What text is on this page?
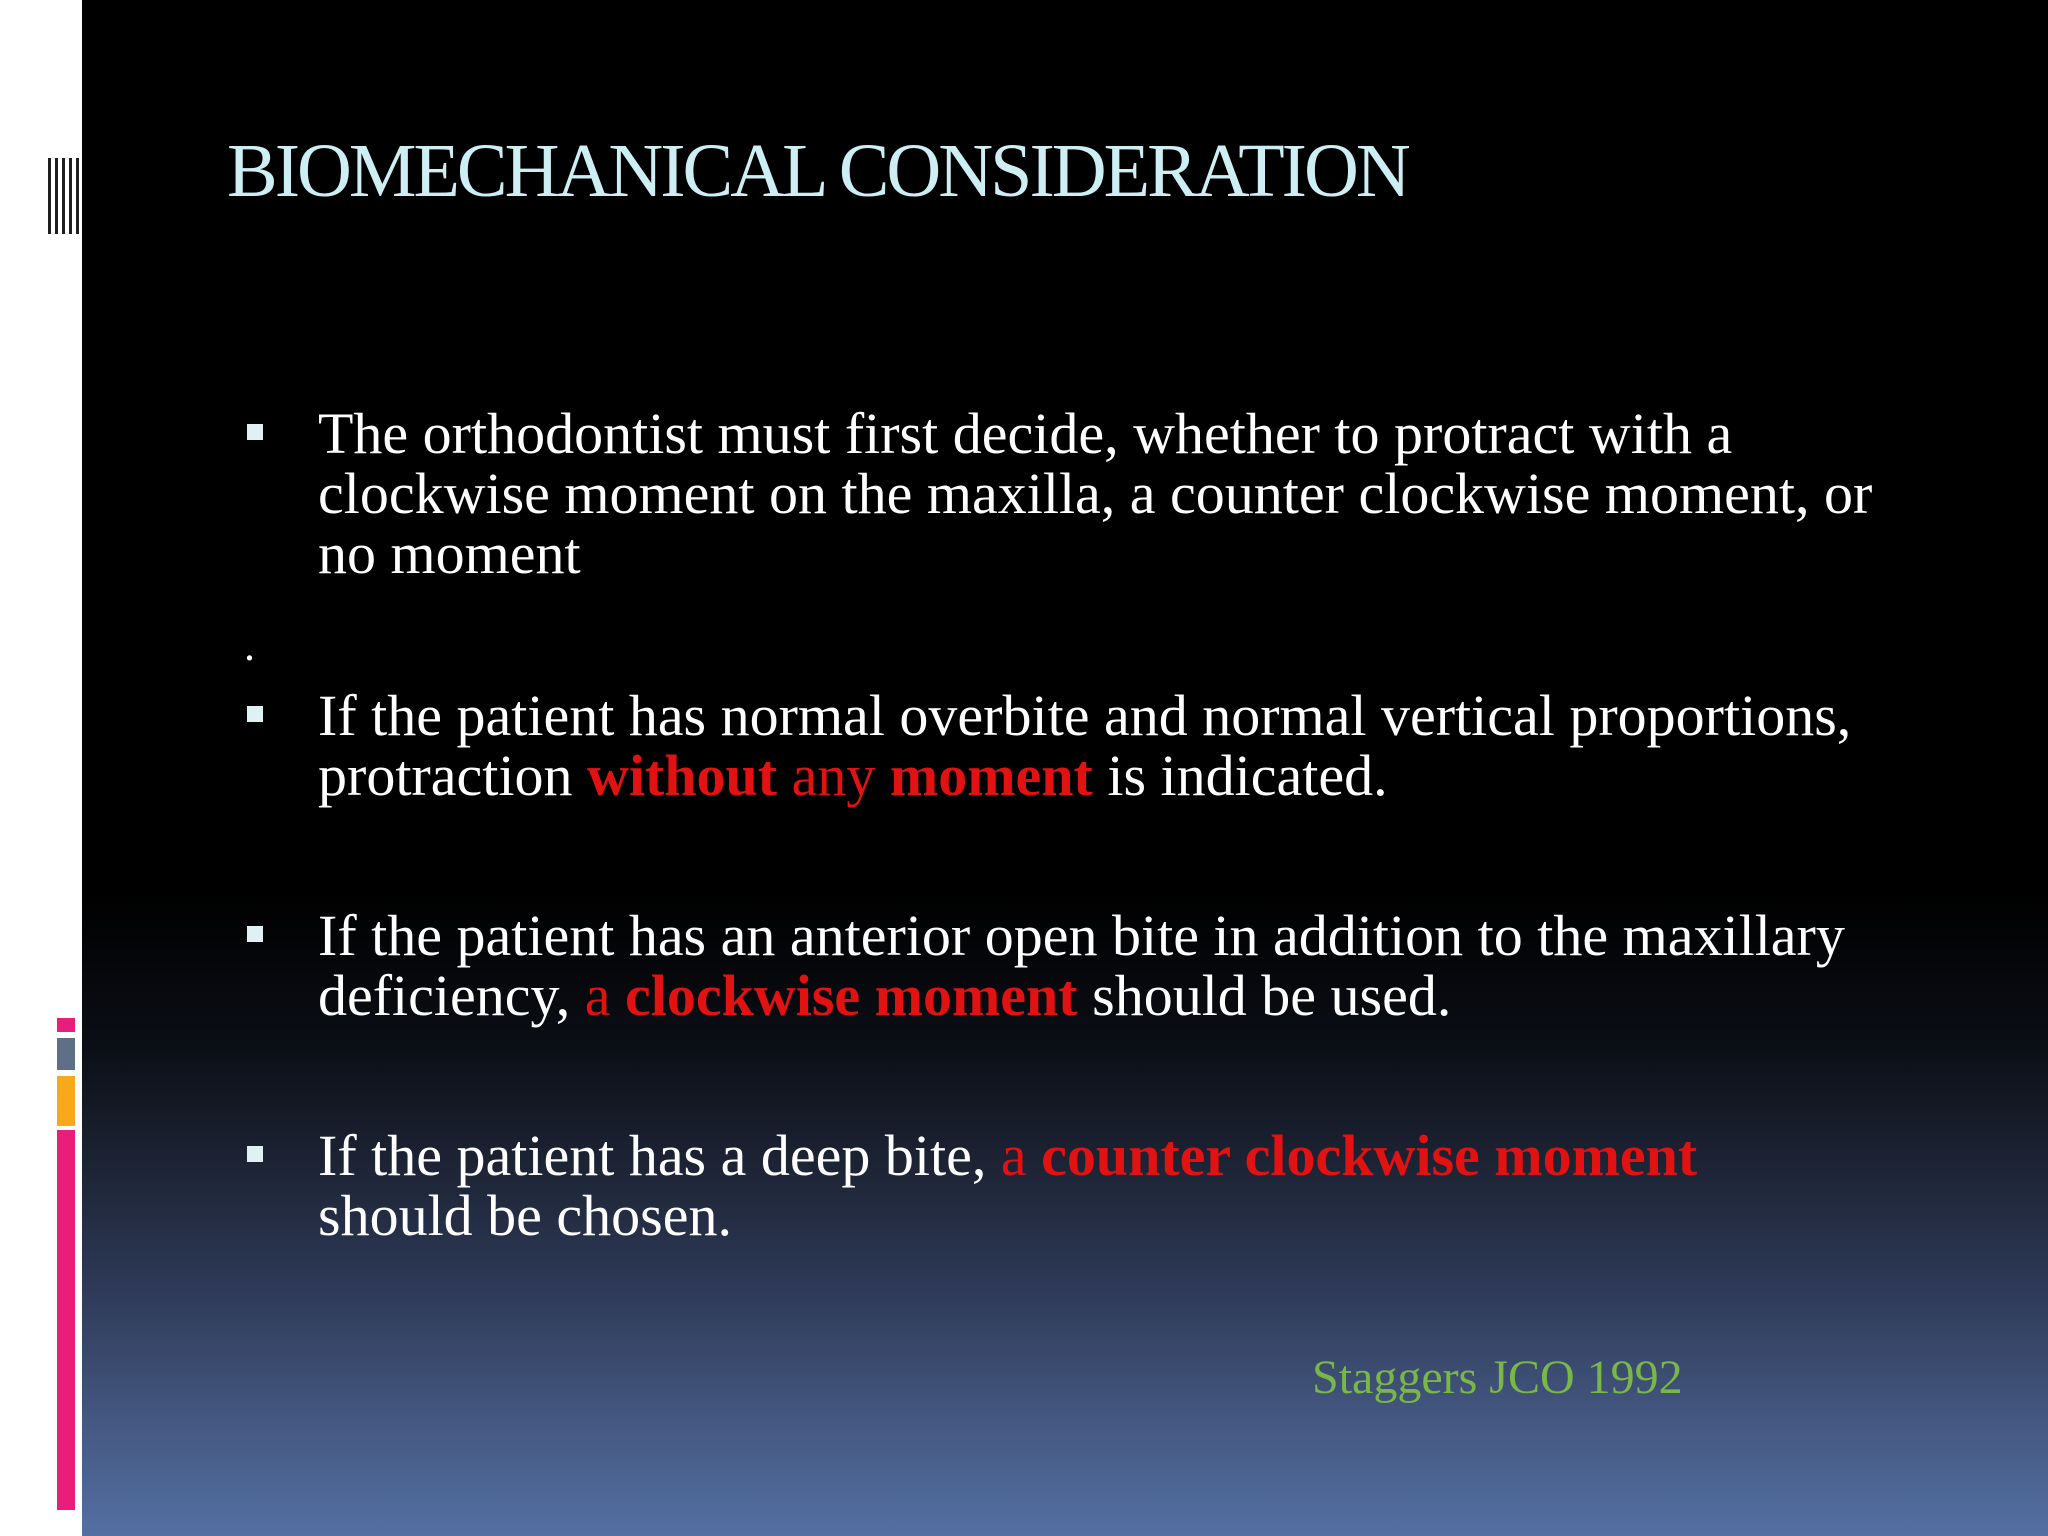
BIOMECHANICAL CONSIDERATION
The orthodontist must first decide, whether to protract with a clockwise moment on the maxilla, a counter clockwise moment, or no moment
.
If the patient has normal overbite and normal vertical proportions, protraction without any moment is indicated.
If the patient has an anterior open bite in addition to the maxillary deficiency, a clockwise moment should be used.
If the patient has a deep bite, a counter clockwise moment
should be chosen.
Staggers JCO 1992
